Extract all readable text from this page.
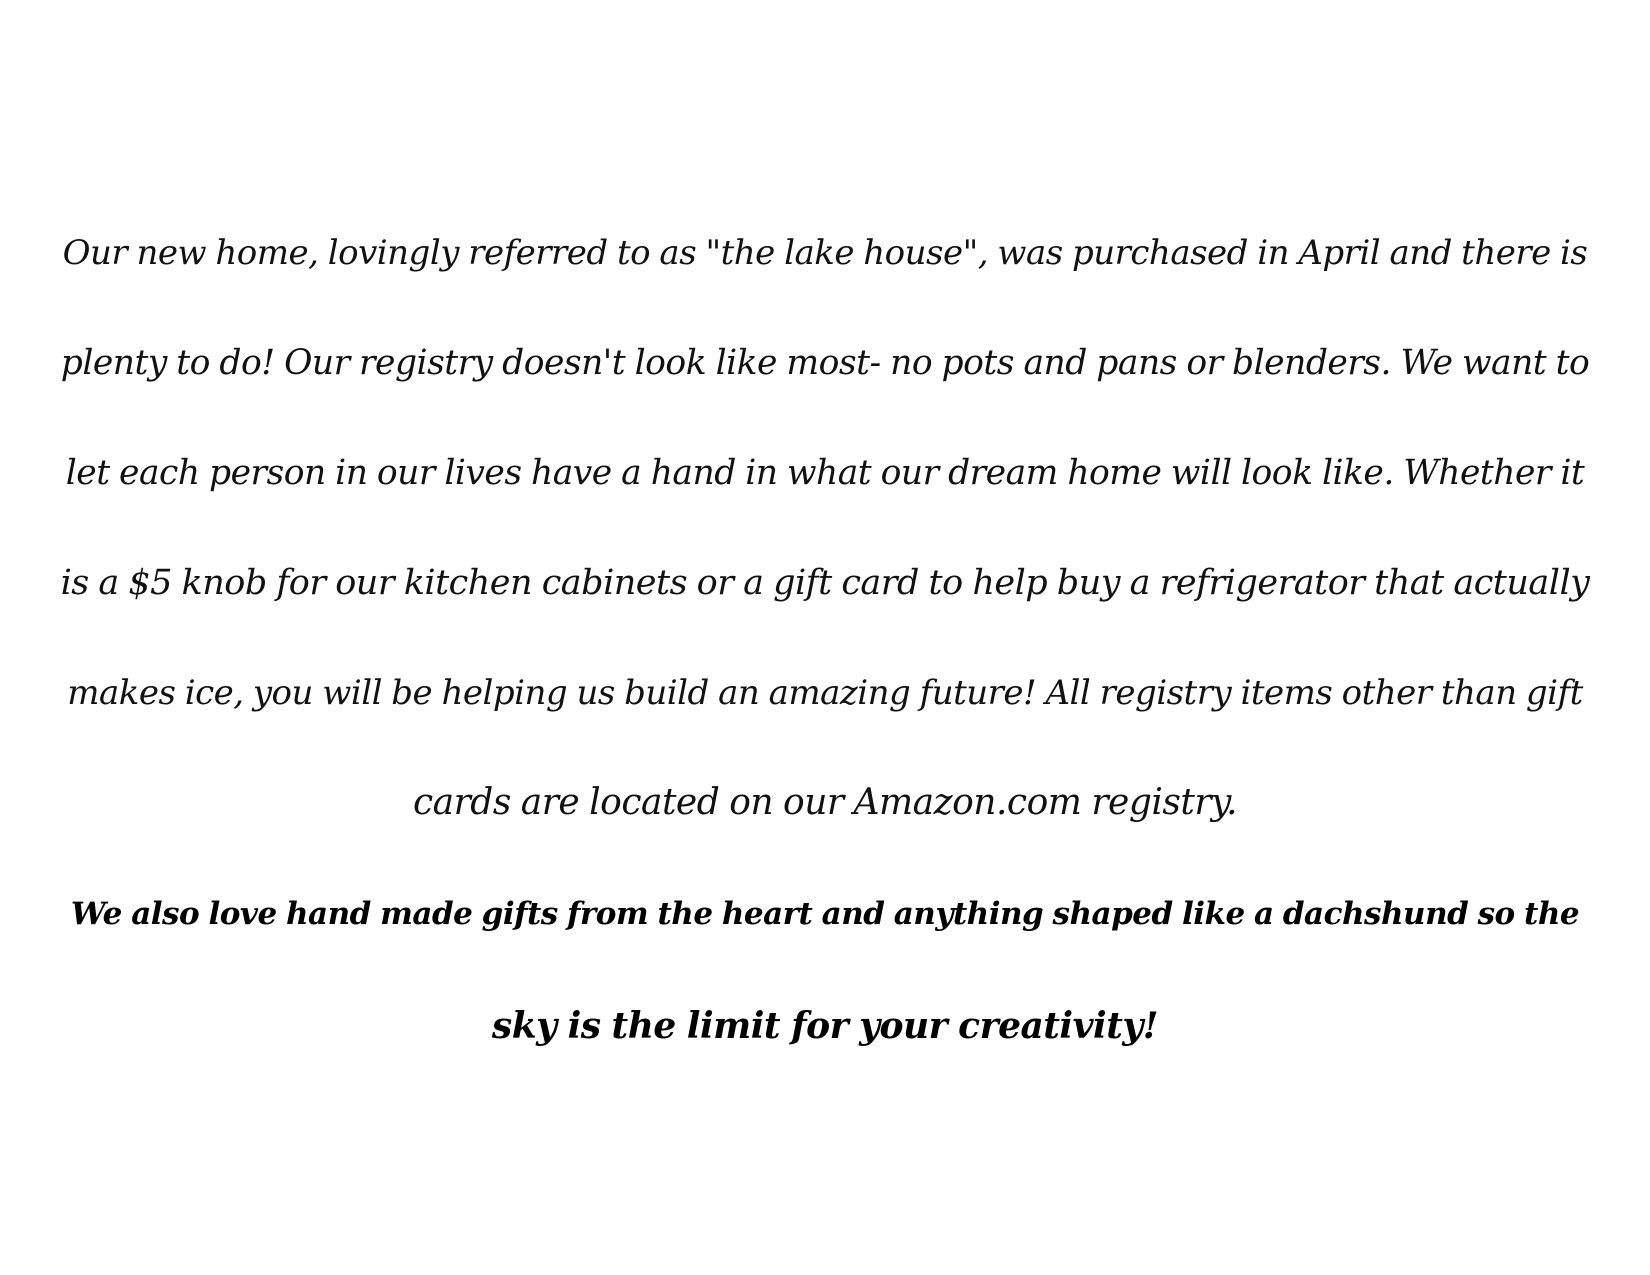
Our new home, lovingly referred to as "the lake house", was purchased in April and there is
plenty to do! Our registry doesn't look like most- no pots and pans or blenders. We want to
let each person in our lives have a hand in what our dream home will look like. Whether it
is a $5 knob for our kitchen cabinets or a gift card to help buy a refrigerator that actually
makes ice, you will be helping us build an amazing future! All registry items other than gift
cards are located on our Amazon.com registry.

We also love hand made gifts from the heart and anything shaped like a dachshund so the
sky is the limit for your creativity!
